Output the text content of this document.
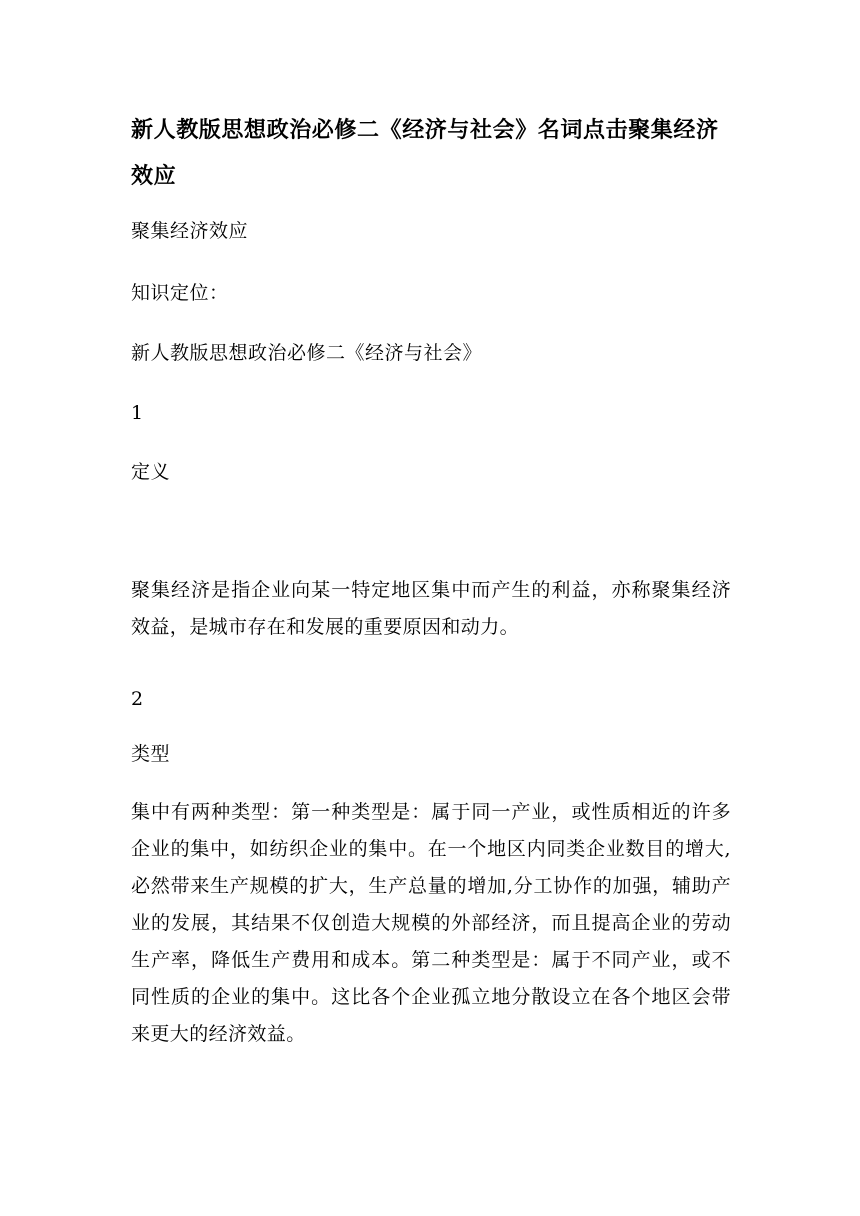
新人教版思想政治必修二《经济与社会》名词点击聚集经济效应

聚集经济效应

知识定位：

新人教版思想政治必修二《经济与社会》

1

定义

聚集经济是指企业向某一特定地区集中而产生的利益，亦称聚集经济效益，是城市存在和发展的重要原因和动力。

2

类型

集中有两种类型：第一种类型是：属于同一产业，或性质相近的许多企业的集中，如纺织企业的集中。在一个地区内同类企业数目的增大,必然带来生产规模的扩大，生产总量的增加,分工协作的加强，辅助产业的发展，其结果不仅创造大规模的外部经济，而且提高企业的劳动生产率，降低生产费用和成本。第二种类型是：属于不同产业，或不同性质的企业的集中。这比各个企业孤立地分散设立在各个地区会带来更大的经济效益。
